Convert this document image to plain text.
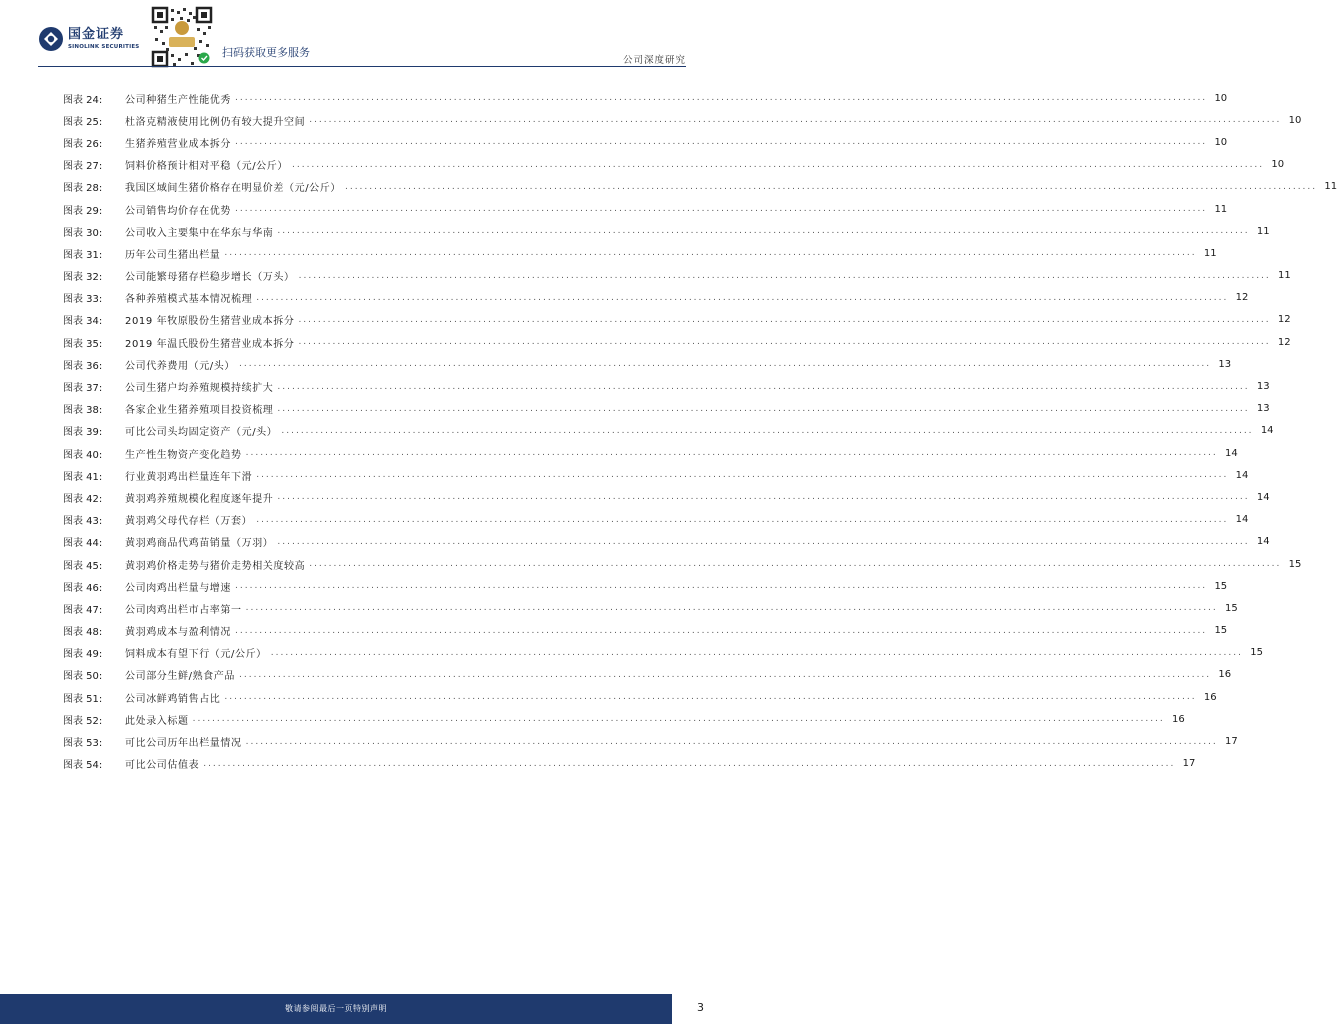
国金证券
SINOLINK SECURITIES	扫码获取更多服务
公司深度研究
图表 24:	公司种猪生产性能优秀 ........................................................................................................................................................................................................ 10
图表 25:	杜洛克精液使用比例仍有较大提升空间 ........................................................................................................................................................................................................ 10
图表 26:	生猪养殖营业成本拆分 ........................................................................................................................................................................................................ 10
图表 27:	饲料价格预计相对平稳（元/公斤） ........................................................................................................................................................................................................ 10
图表 28:	我国区域间生猪价格存在明显价差（元/公斤） ........................................................................................................................................................................................................ 11
图表 29:	公司销售均价存在优势 ........................................................................................................................................................................................................ 11
图表 30:	公司收入主要集中在华东与华南 ........................................................................................................................................................................................................ 11
图表 31:	历年公司生猪出栏量 ........................................................................................................................................................................................................ 11
图表 32:	公司能繁母猪存栏稳步增长（万头） ........................................................................................................................................................................................................ 11
图表 33:	各种养殖模式基本情况梳理 ........................................................................................................................................................................................................ 12
图表 34:	2019 年牧原股份生猪营业成本拆分 ........................................................................................................................................................................................................ 12
图表 35:	2019 年温氏股份生猪营业成本拆分 ........................................................................................................................................................................................................ 12
图表 36:	公司代养费用（元/头） ........................................................................................................................................................................................................ 13
图表 37:	公司生猪户均养殖规模持续扩大 ........................................................................................................................................................................................................ 13
图表 38:	各家企业生猪养殖项目投资梳理 ........................................................................................................................................................................................................ 13
图表 39:	可比公司头均固定资产（元/头） ........................................................................................................................................................................................................ 14
图表 40:	生产性生物资产变化趋势 ........................................................................................................................................................................................................ 14
图表 41:	行业黄羽鸡出栏量连年下滑 ........................................................................................................................................................................................................ 14
图表 42:	黄羽鸡养殖规模化程度逐年提升 ........................................................................................................................................................................................................ 14
图表 43:	黄羽鸡父母代存栏（万套） ........................................................................................................................................................................................................ 14
图表 44:	黄羽鸡商品代鸡苗销量（万羽） ........................................................................................................................................................................................................ 14
图表 45:	黄羽鸡价格走势与猪价走势相关度较高 ........................................................................................................................................................................................................ 15
图表 46:	公司肉鸡出栏量与增速 ........................................................................................................................................................................................................ 15
图表 47:	公司肉鸡出栏市占率第一 ........................................................................................................................................................................................................ 15
图表 48:	黄羽鸡成本与盈利情况 ........................................................................................................................................................................................................ 15
图表 49:	饲料成本有望下行（元/公斤） ........................................................................................................................................................................................................ 15
图表 50:	公司部分生鲜/熟食产品 ........................................................................................................................................................................................................ 16
图表 51:	公司冰鲜鸡销售占比 ........................................................................................................................................................................................................ 16
图表 52:	此处录入标题 ........................................................................................................................................................................................................ 16
图表 53:	可比公司历年出栏量情况 ........................................................................................................................................................................................................ 17
图表 54:	可比公司估值表 ........................................................................................................................................................................................................ 17
敬请参阅最后一页特别声明	3
